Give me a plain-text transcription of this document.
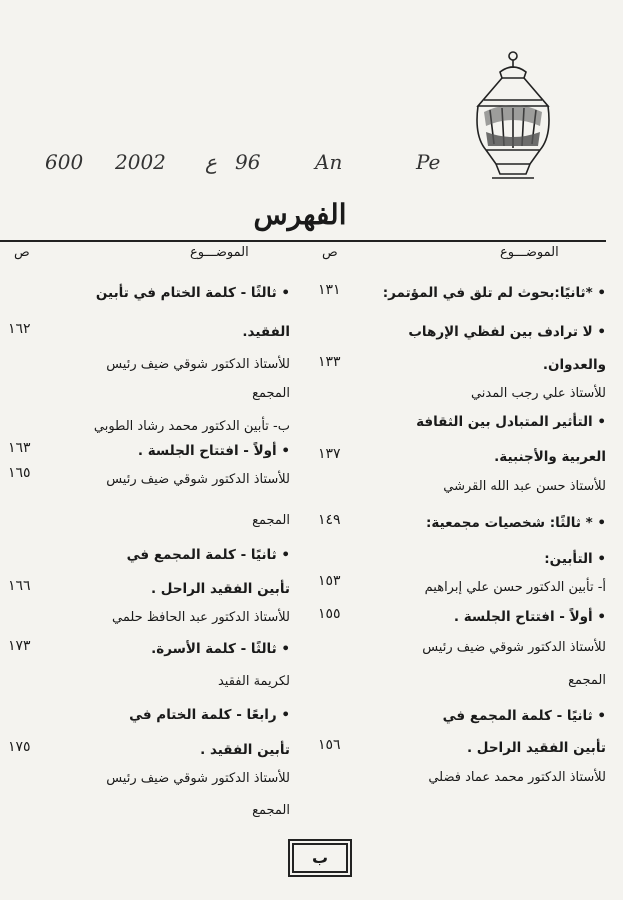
Pe
An
96
ع
2002
600
الفهرس
الموضـــوع
ص
الموضـــوع
ص
• *ثانيًا:بحوث لم تلق في المؤتمر:
١٣١
• لا ترادف بين لفظي الإرهاب
والعدوان.
١٣٣
للأستاذ علي رجب المدني
• التأثير المتبادل بين الثقافة
العربية والأجنبية.
١٣٧
للأستاذ حسن عبد الله القرشي
• * ثالثًا: شخصيات مجمعية:
١٤٩
• التأبين:
أ- تأبين الدكتور حسن علي إبراهيم
١٥٣
• أولاً - افتتاح الجلسة .
١٥٥
للأستاذ الدكتور شوقي ضيف رئيس
المجمع
• ثانيًا - كلمة المجمع في
تأبين الفقيد الراحل .
١٥٦
للأستاذ الدكتور محمد عماد فضلي
• ثالثًا - كلمة الختام في تأبين
الفقيد.
١٦٢
للأستاذ الدكتور شوقي ضيف رئيس
المجمع
ب- تأبين الدكتور محمد رشاد الطوبي
• أولاً - افتتاح الجلسة .
١٦٣
للأستاذ الدكتور شوقي ضيف رئيس
١٦٥
المجمع
• ثانيًا - كلمة المجمع في
تأبين الفقيد الراحل .
١٦٦
للأستاذ الدكتور عبد الحافظ حلمي
• ثالثًا - كلمة الأسرة.
١٧٣
لكريمة الفقيد
• رابعًا - كلمة الختام في
تأبين الفقيد .
١٧٥
للأستاذ الدكتور شوقي ضيف رئيس
المجمع
ب
